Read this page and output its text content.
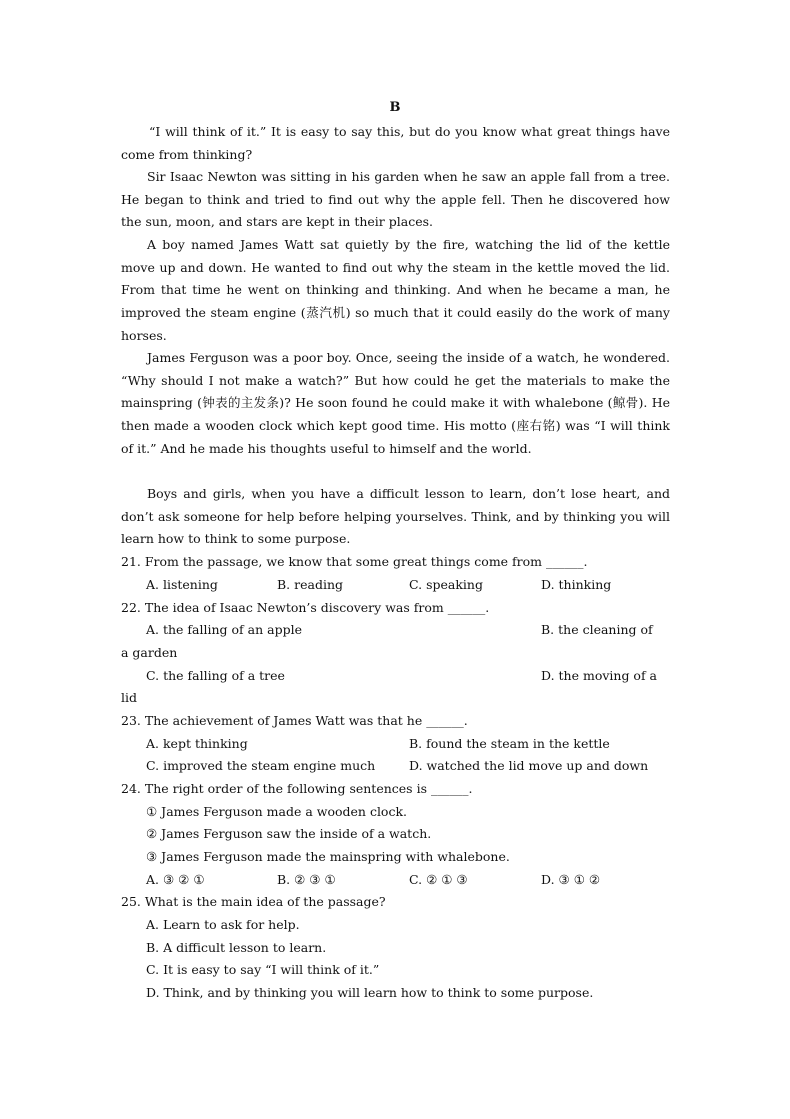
B
“I will think of it.” It is easy to say this, but do you know what great things have come from thinking?
Sir Isaac Newton was sitting in his garden when he saw an apple fall from a tree. He began to think and tried to find out why the apple fell. Then he discovered how the sun, moon, and stars are kept in their places.
A boy named James Watt sat quietly by the fire, watching the lid of the kettle move up and down. He wanted to find out why the steam in the kettle moved the lid. From that time he went on thinking and thinking. And when he became a man, he improved the steam engine (蒸汽机) so much that it could easily do the work of many horses.
James Ferguson was a poor boy. Once, seeing the inside of a watch, he wondered. “Why should I not make a watch?” But how could he get the materials to make the mainspring (钟表的主发条)? He soon found he could make it with whalebone (鲸骨). He then made a wooden clock which kept good time. His motto (座右铭) was “I will think of it.” And he made his thoughts useful to himself and the world.
Boys and girls, when you have a difficult lesson to learn, don’t lose heart, and don’t ask someone for help before helping yourselves. Think, and by thinking you will learn how to think to some purpose.
21. From the passage, we know that some great things come from ______.
A. listening	B. reading	C. speaking	D. thinking
22. The idea of Isaac Newton’s discovery was from ______.
A. the falling of an apple	B. the cleaning of
a garden
C. the falling of a tree	D. the moving of a
lid
23. The achievement of James Watt was that he ______.
A. kept thinking	B. found the steam in the kettle
C. improved the steam engine much	D. watched the lid move up and down
24. The right order of the following sentences is ______.
① James Ferguson made a wooden clock.
② James Ferguson saw the inside of a watch.
③ James Ferguson made the mainspring with whalebone.
A. ③ ② ①	B. ② ③ ①	C. ② ① ③	D. ③ ① ②
25. What is the main idea of the passage?
A. Learn to ask for help.
B. A difficult lesson to learn.
C. It is easy to say “I will think of it.”
D. Think, and by thinking you will learn how to think to some purpose.
